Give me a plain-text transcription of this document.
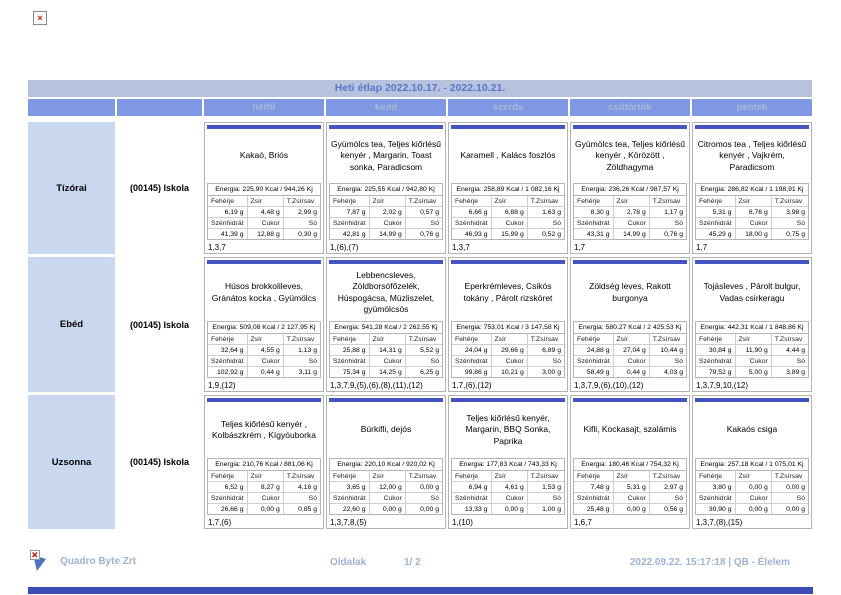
×
Heti étlap 2022.10.17. - 2022.10.21.
hétfő	kedd	szerda	csütörtök	péntek
Tízórai	(00145) Iskola
Kakaó, Briós
Energia: 225,90 Kcal / 944,26 Kj
Fehérje	Zsír	T.Zsírsav
6,19 g	4,48 g	2,99 g
Szénhidrát	Cukor	Só
41,39 g	12,88 g	0,30 g
1,3,7
Gyümölcs tea, Teljes kiőrlésű kenyér , Margarin, Toast sonka, Paradicsom
Energia: 225,55 Kcal / 942,80 Kj
Fehérje	Zsír	T.Zsírsav
7,87 g	2,02 g	0,57 g
Szénhidrát	Cukor	Só
42,81 g	14,99 g	0,76 g
1,(6),(7)
Karamell , Kalács foszlós
Energia: 258,89 Kcal / 1 082,16 Kj
Fehérje	Zsír	T.Zsírsav
6,66 g	6,88 g	1,63 g
Szénhidrát	Cukor	Só
46,93 g	15,99 g	0,52 g
1,3,7
Gyümölcs tea, Teljes kiőrlésű kenyér , Körözött , Zöldhagyma
Energia: 236,26 Kcal / 987,57 Kj
Fehérje	Zsír	T.Zsírsav
8,30 g	2,78 g	1,17 g
Szénhidrát	Cukor	Só
43,31 g	14,99 g	0,76 g
1,7
Citromos tea , Teljes kiőrlésű kenyér , Vajkrém, Paradicsom
Energia: 286,82 Kcal / 1 198,91 Kj
Fehérje	Zsír	T.Zsírsav
5,31 g	8,76 g	3,98 g
Szénhidrát	Cukor	Só
45,29 g	18,00 g	0,75 g
1,7
Ebéd	(00145) Iskola
Húsos brokkolileves, Gránátos kocka , Gyümölcs
Energia: 509,08 Kcal / 2 127,95 Kj
Fehérje	Zsír	T.Zsírsav
32,64 g	4,55 g	1,13 g
Szénhidrát	Cukor	Só
102,92 g	0,44 g	3,11 g
1,9,(12)
Lebbencsleves, Zöldborsófőzelék, Húspogácsa, Müzliszelet, gyümölcsös
Energia: 541,28 Kcal / 2 262,55 Kj
Fehérje	Zsír	T.Zsírsav
25,88 g	14,31 g	5,52 g
Szénhidrát	Cukor	Só
75,34 g	14,25 g	6,25 g
1,3,7,9,(5),(6),(8),(11),(12)
Eperkrémleves, Csikós tokány , Párolt rizsköret
Energia: 753,01 Kcal / 3 147,58 Kj
Fehérje	Zsír	T.Zsírsav
24,04 g	29,66 g	6,89 g
Szénhidrát	Cukor	Só
99,86 g	10,21 g	3,00 g
1,7,(6),(12)
Zöldség leves, Rakott burgonya
Energia: 580,27 Kcal / 2 425,53 Kj
Fehérje	Zsír	T.Zsírsav
24,88 g	27,04 g	10,44 g
Szénhidrát	Cukor	Só
58,49 g	0,44 g	4,03 g
1,3,7,9,(6),(10),(12)
Tojásleves , Párolt bulgur, Vadas csirkeragu
Energia: 442,31 Kcal / 1 848,86 Kj
Fehérje	Zsír	T.Zsírsav
30,84 g	11,90 g	4,44 g
Szénhidrát	Cukor	Só
79,52 g	5,00 g	3,89 g
1,3,7,9,10,(12)
Uzsonna	(00145) Iskola
Teljes kiőrlésű kenyér , Kolbászkrém , Kígyóuborka
Energia: 210,76 Kcal / 881,06 Kj
Fehérje	Zsír	T.Zsírsav
6,52 g	8,27 g	4,16 g
Szénhidrát	Cukor	Só
26,66 g	0,00 g	0,85 g
1,7,(6)
Búrkifli, dejós
Energia: 220,10 Kcal / 920,02 Kj
Fehérje	Zsír	T.Zsírsav
3,65 g	12,00 g	0,00 g
Szénhidrát	Cukor	Só
22,60 g	0,00 g	0,00 g
1,3,7,8,(5)
Teljes kiőrlésű kenyér, Margarin, BBQ Sonka, Paprika
Energia: 177,83 Kcal / 743,33 Kj
Fehérje	Zsír	T.Zsírsav
6,94 g	4,61 g	1,53 g
Szénhidrát	Cukor	Só
13,33 g	0,00 g	1,00 g
1,(10)
Kifli, Kockasajt, szalámis
Energia: 180,46 Kcal / 754,32 Kj
Fehérje	Zsír	T.Zsírsav
7,48 g	5,31 g	2,97 g
Szénhidrát	Cukor	Só
25,48 g	0,00 g	0,56 g
1,6,7
Kakaós csiga
Energia: 257,18 Kcal / 1 075,01 Kj
Fehérje	Zsír	T.Zsírsav
3,80 g	0,00 g	0,00 g
Szénhidrát	Cukor	Só
30,90 g	0,00 g	0,00 g
1,3,7,(8),(15)
Quadro Byte Zrt	Oldalak	1/ 2	2022.09.22. 15:17:18 | QB - Élelem
